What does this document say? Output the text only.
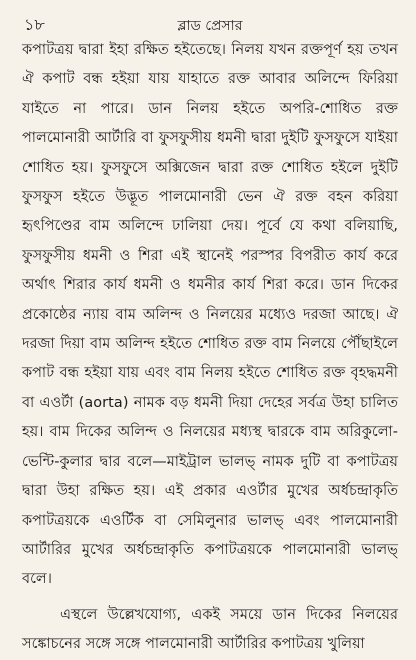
১৮	ব্লাড প্রেসার

কপাটত্রয় দ্বারা ইহা রক্ষিত হইতেছে। নিলয় যখন রক্তপূর্ণ হয় তখন ঐ কপাট বন্ধ হইয়া যায় যাহাতে রক্ত আবার অলিন্দে ফিরিয়া যাইতে না পারে। ডান নিলয় হইতে অপরি-শোধিত রক্ত পালমোনারী আর্টারি বা ফুসফুসীয় ধমনী দ্বারা দুইটি ফুসফুসে যাইয়া শোধিত হয়। ফুসফুসে অক্সিজেন দ্বারা রক্ত শোধিত হইলে দুইটি ফুসফুস হইতে উদ্ভূত পালমোনারী ভেন ঐ রক্ত বহন করিয়া হৃৎপিণ্ডের বাম অলিন্দে ঢালিয়া দেয়। পূর্বে যে কথা বলিয়াছি, ফুসফুসীয় ধমনী ও শিরা এই স্থানেই পরস্পর বিপরীত কার্য করে অর্থাৎ শিরার কার্য ধমনী ও ধমনীর কার্য শিরা করে। ডান দিকের প্রকোষ্ঠের ন্যায় বাম অলিন্দ ও নিলয়ের মধ্যেও দরজা আছে। ঐ দরজা দিয়া বাম অলিন্দ হইতে শোধিত রক্ত বাম নিলয়ে পৌঁছাইলে কপাট বন্ধ হইয়া যায় এবং বাম নিলয় হইতে শোধিত রক্ত বৃহদ্ধমনী বা এওর্টা (aorta) নামক বড় ধমনী দিয়া দেহের সর্বত্র উহা চালিত হয়। বাম দিকের অলিন্দ ও নিলয়ের মধ্যস্থ দ্বারকে বাম অরিকুলো-ভেন্টি-কুলার দ্বার বলে—মাইট্রাল ভালভ্ নামক দুটি বা কপাটত্রয় দ্বারা উহা রক্ষিত হয়। এই প্রকার এওর্টার মুখের অর্ধচন্দ্রাকৃতি কপাটত্রয়কে এওর্টিক বা সেমিলুনার ভালভ্ এবং পালমোনারী আর্টারির মুখের অর্ধচন্দ্রাকৃতি কপাটত্রয়কে পালমোনারী ভালভ্ বলে।

এস্থলে উল্লেখযোগ্য, একই সময়ে ডান দিকের নিলয়ের সঙ্কোচনের সঙ্গে সঙ্গে পালমোনারী আর্টারির কপাটত্রয় খুলিয়া
